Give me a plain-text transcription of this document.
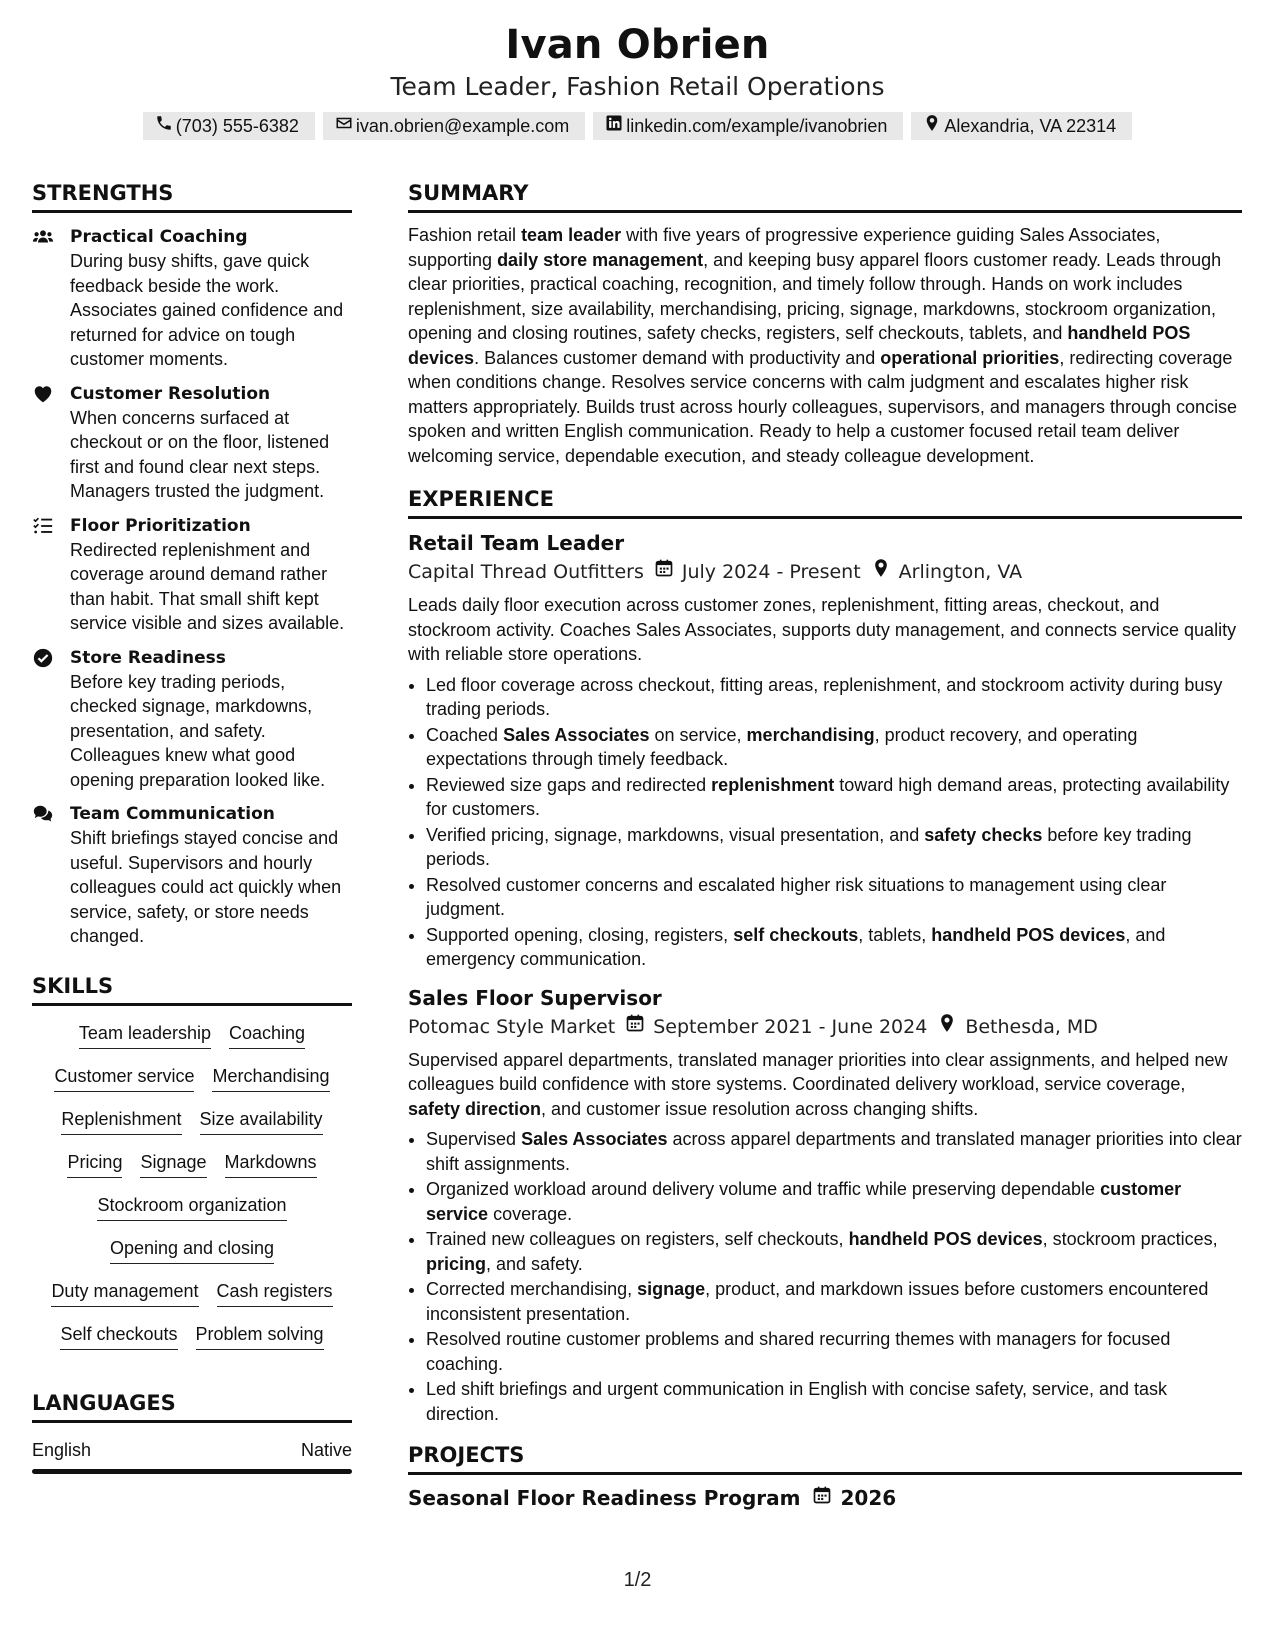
Ivan Obrien
Team Leader, Fashion Retail Operations
(703) 555-6382	ivan.obrien@example.com	linkedin.com/example/ivanobrien	Alexandria, VA 22314
STRENGTHS
Practical Coaching
During busy shifts, gave quick feedback beside the work. Associates gained confidence and returned for advice on tough customer moments.
Customer Resolution
When concerns surfaced at checkout or on the floor, listened first and found clear next steps. Managers trusted the judgment.
Floor Prioritization
Redirected replenishment and coverage around demand rather than habit. That small shift kept service visible and sizes available.
Store Readiness
Before key trading periods, checked signage, markdowns, presentation, and safety. Colleagues knew what good opening preparation looked like.
Team Communication
Shift briefings stayed concise and useful. Supervisors and hourly colleagues could act quickly when service, safety, or store needs changed.
SKILLS
Team leadership Coaching
Customer service Merchandising
Replenishment Size availability
Pricing Signage Markdowns
Stockroom organization
Opening and closing
Duty management Cash registers
Self checkouts Problem solving
LANGUAGES
English	Native
SUMMARY

Fashion retail team leader with five years of progressive experience guiding Sales Associates, supporting daily store management, and keeping busy apparel floors customer ready. Leads through clear priorities, practical coaching, recognition, and timely follow through. Hands on work includes replenishment, size availability, merchandising, pricing, signage, markdowns, stockroom organization, opening and closing routines, safety checks, registers, self checkouts, tablets, and handheld POS devices. Balances customer demand with productivity and operational priorities, redirecting coverage when conditions change. Resolves service concerns with calm judgment and escalates higher risk matters appropriately. Builds trust across hourly colleagues, supervisors, and managers through concise spoken and written English communication. Ready to help a customer focused retail team deliver welcoming service, dependable execution, and steady colleague development.

EXPERIENCE
Retail Team Leader
Capital Thread Outfitters July 2024 - Present Arlington, VA

Leads daily floor execution across customer zones, replenishment, fitting areas, checkout, and stockroom activity. Coaches Sales Associates, supports duty management, and connects service quality with reliable store operations.

• Led floor coverage across checkout, fitting areas, replenishment, and stockroom activity during busy trading periods.
• Coached Sales Associates on service, merchandising, product recovery, and operating expectations through timely feedback.
• Reviewed size gaps and redirected replenishment toward high demand areas, protecting availability for customers.
• Verified pricing, signage, markdowns, visual presentation, and safety checks before key trading periods.
• Resolved customer concerns and escalated higher risk situations to management using clear judgment.
• Supported opening, closing, registers, self checkouts, tablets, handheld POS devices, and emergency communication.
Sales Floor Supervisor
Potomac Style Market September 2021 - June 2024 Bethesda, MD

Supervised apparel departments, translated manager priorities into clear assignments, and helped new colleagues build confidence with store systems. Coordinated delivery workload, service coverage, safety direction, and customer issue resolution across changing shifts.

• Supervised Sales Associates across apparel departments and translated manager priorities into clear shift assignments.
• Organized workload around delivery volume and traffic while preserving dependable customer service coverage.
• Trained new colleagues on registers, self checkouts, handheld POS devices, stockroom practices, pricing, and safety.
• Corrected merchandising, signage, product, and markdown issues before customers encountered inconsistent presentation.
• Resolved routine customer problems and shared recurring themes with managers for focused coaching.
• Led shift briefings and urgent communication in English with concise safety, service, and task direction.
PROJECTS
Seasonal Floor Readiness Program 2026
1/2
